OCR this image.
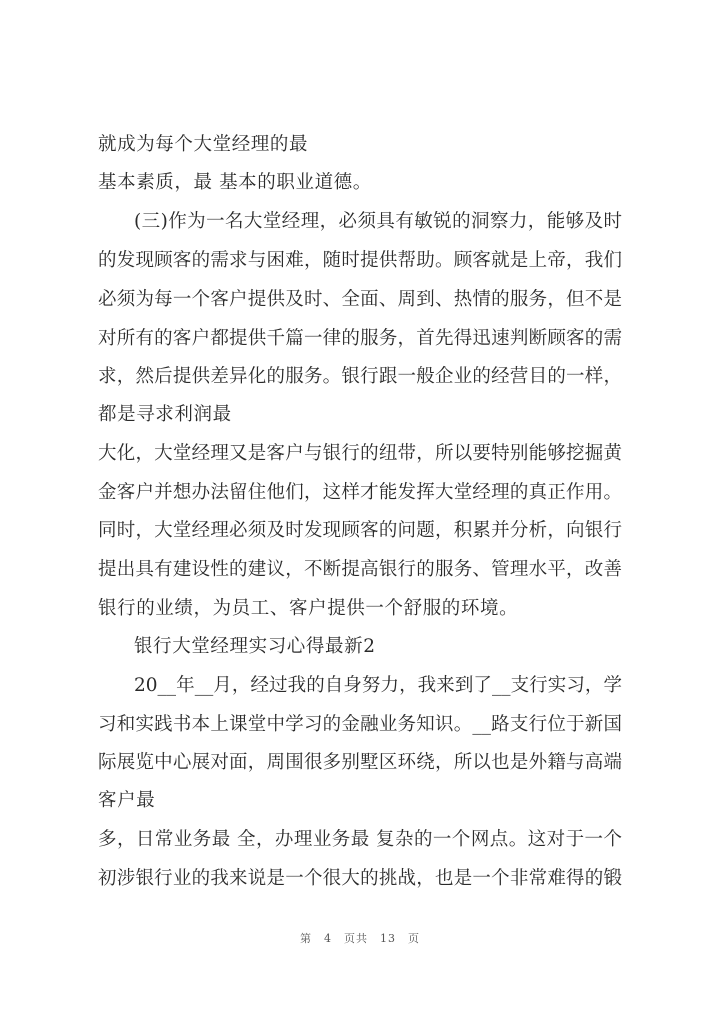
就成为每个大堂经理的最
基本素质，最 基本的职业道德。
(三)作为一名大堂经理，必须具有敏锐的洞察力，能够及时
的发现顾客的需求与困难，随时提供帮助。顾客就是上帝，我们
必须为每一个客户提供及时、全面、周到、热情的服务，但不是
对所有的客户都提供千篇一律的服务，首先得迅速判断顾客的需
求，然后提供差异化的服务。银行跟一般企业的经营目的一样，
都是寻求利润最
大化，大堂经理又是客户与银行的纽带，所以要特别能够挖掘黄
金客户并想办法留住他们，这样才能发挥大堂经理的真正作用。
同时，大堂经理必须及时发现顾客的问题，积累并分析，向银行
提出具有建设性的建议，不断提高银行的服务、管理水平，改善
银行的业绩，为员工、客户提供一个舒服的环境。
银行大堂经理实习心得最新2
20__年__月，经过我的自身努力，我来到了__支行实习，学
习和实践书本上课堂中学习的金融业务知识。__路支行位于新国
际展览中心展对面，周围很多别墅区环绕，所以也是外籍与高端
客户最
多，日常业务最 全，办理业务最 复杂的一个网点。这对于一个
初涉银行业的我来说是一个很大的挑战，也是一个非常难得的锻
第 4 页共 13 页
